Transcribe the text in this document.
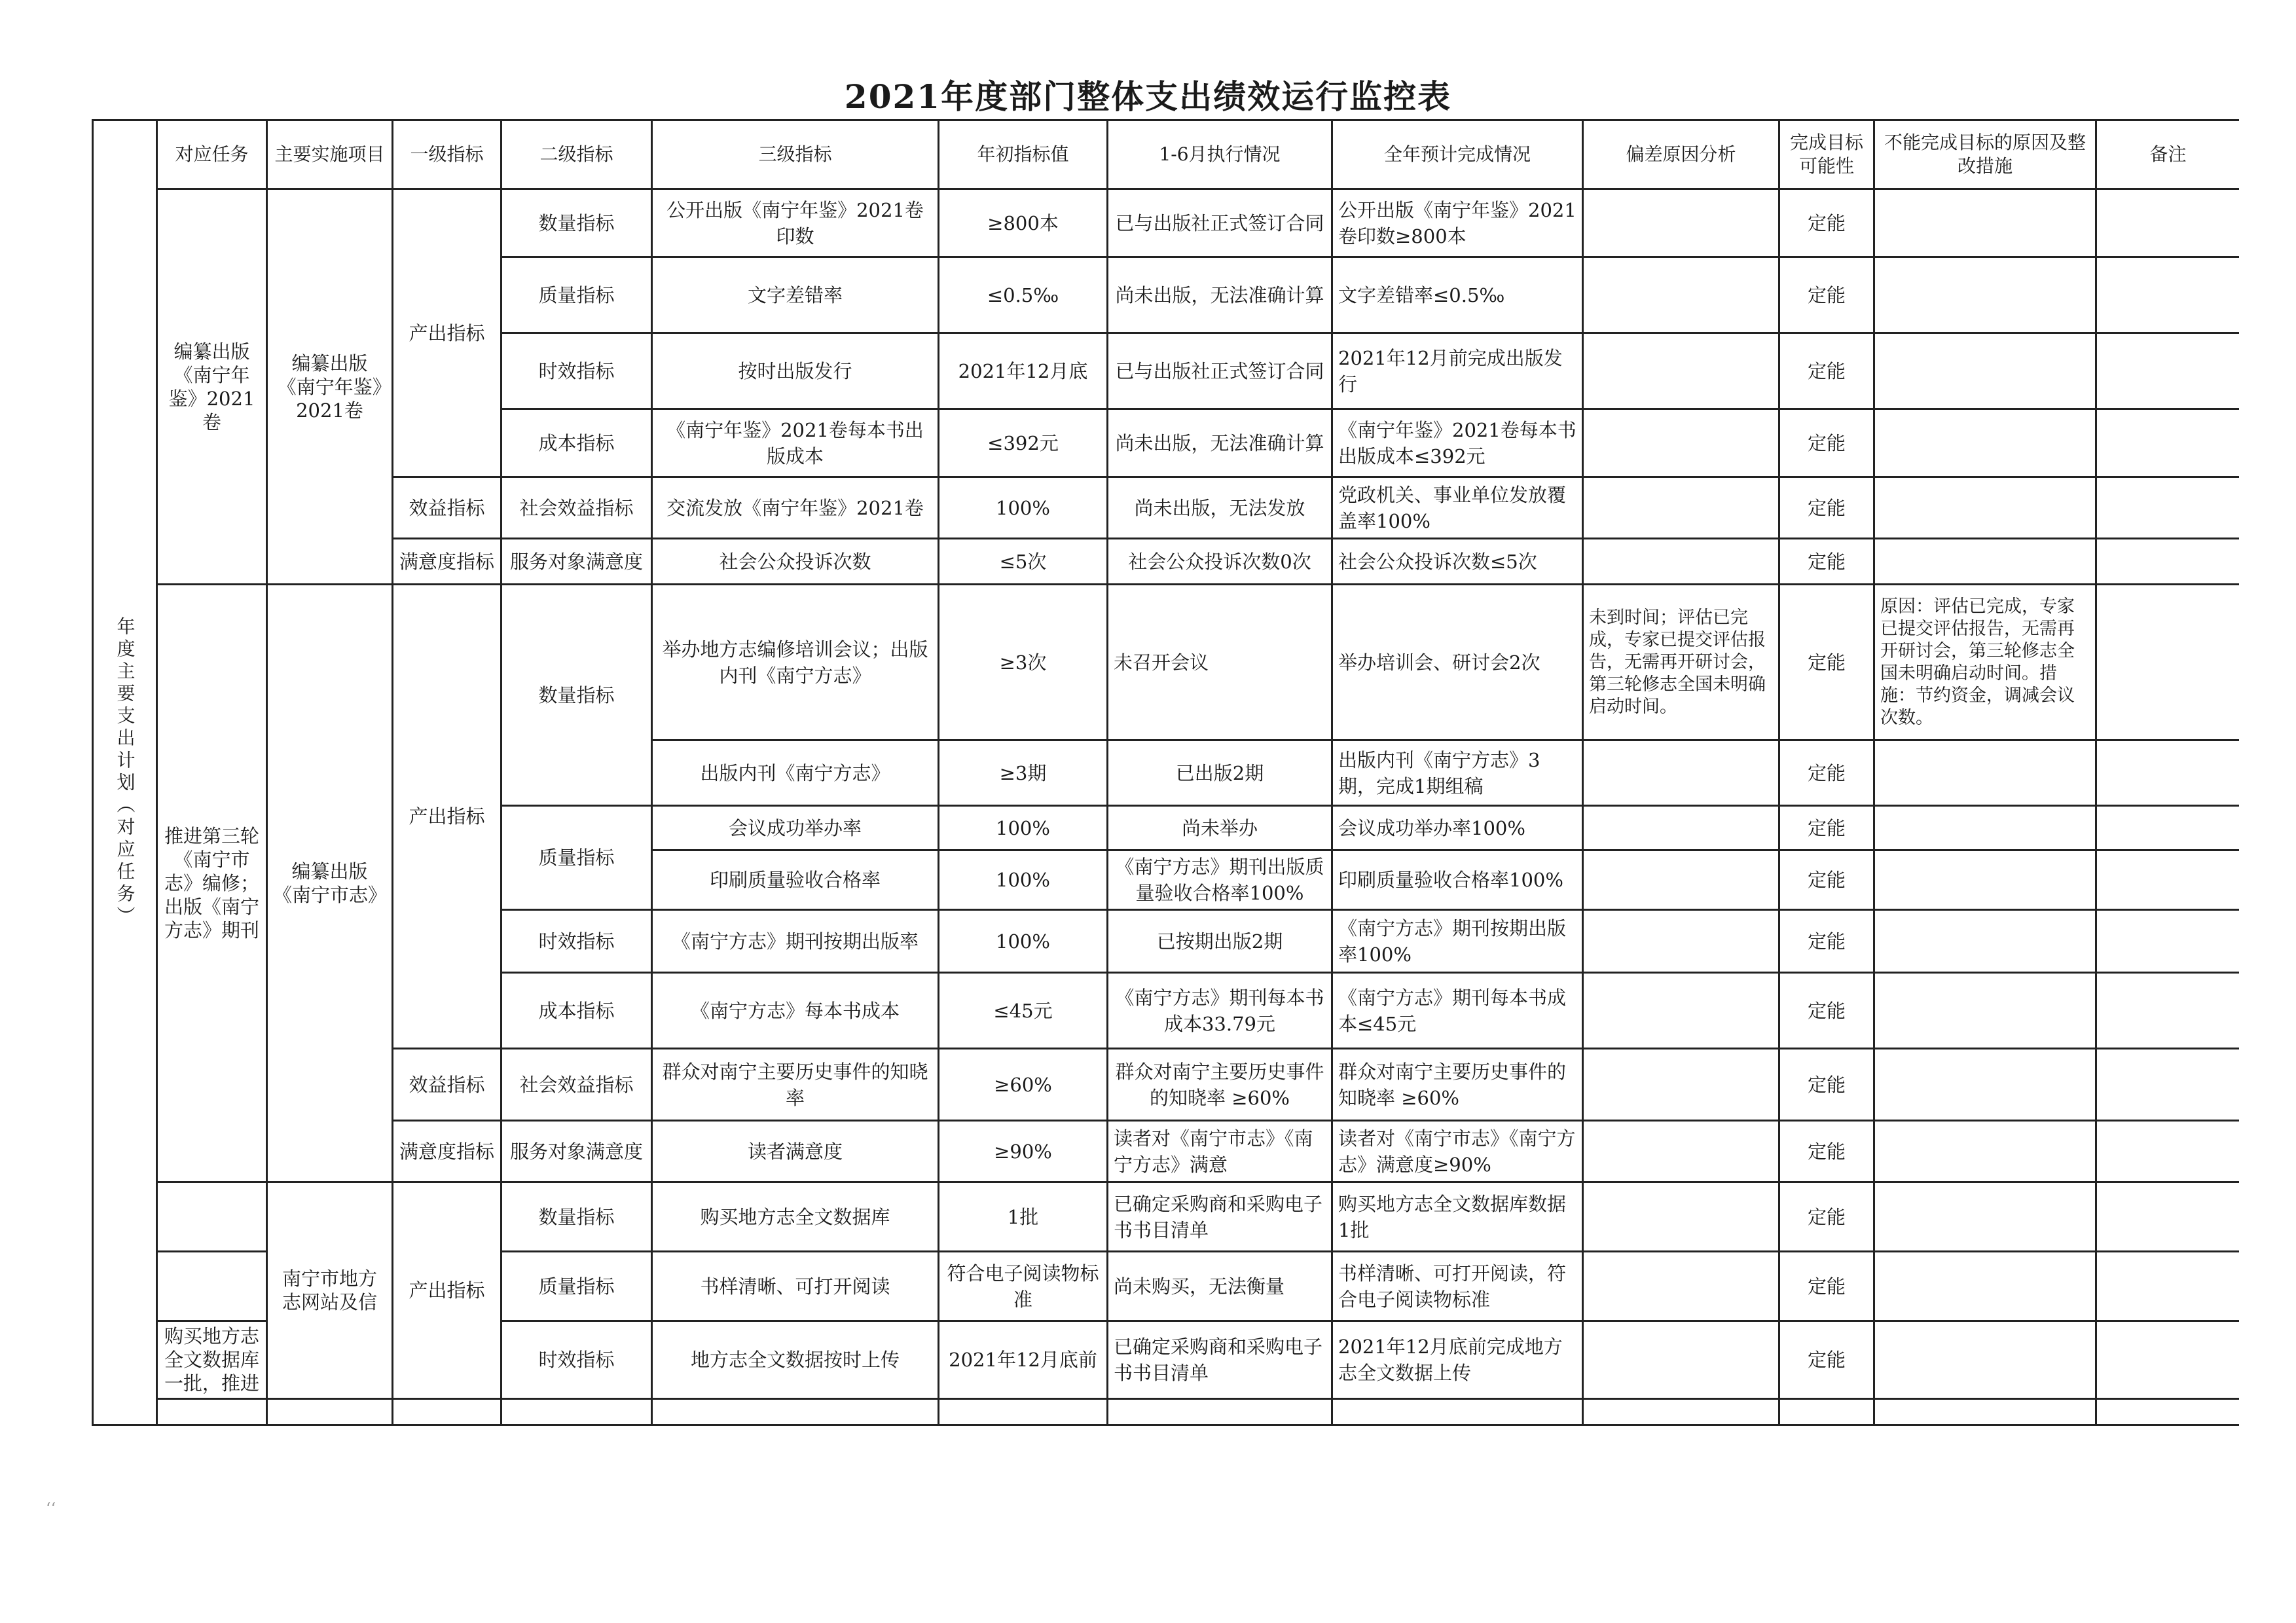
2021年度部门整体支出绩效运行监控表
年度主要支出计划（对应任务）	对应任务	主要实施项目	一级指标	二级指标	三级指标	年初指标值	1-6月执行情况	全年预计完成情况	偏差原因分析	完成目标可能性	不能完成目标的原因及整改措施	备注
	编纂出版《南宁年鉴》2021卷	编纂出版《南宁年鉴》2021卷	产出指标	数量指标	公开出版《南宁年鉴》2021卷印数	≥800本	已与出版社正式签订合同	公开出版《南宁年鉴》2021卷印数≥800本		定能		
				质量指标	文字差错率	≤0.5‰	尚未出版，无法准确计算	文字差错率≤0.5‰		定能		
				时效指标	按时出版发行	2021年12月底	已与出版社正式签订合同	2021年12月前完成出版发行		定能		
				成本指标	《南宁年鉴》2021卷每本书出版成本	≤392元	尚未出版，无法准确计算	《南宁年鉴》2021卷每本书出版成本≤392元		定能		
			效益指标	社会效益指标	交流发放《南宁年鉴》2021卷	100%	尚未出版，无法发放	党政机关、事业单位发放覆盖率100%		定能		
			满意度指标	服务对象满意度	社会公众投诉次数	≤5次	社会公众投诉次数0次	社会公众投诉次数≤5次		定能		
	推进第三轮《南宁市志》编修；出版《南宁方志》期刊	编纂出版《南宁市志》	产出指标	数量指标	举办地方志编修培训会议；出版内刊《南宁方志》	≥3次	未召开会议	举办培训会、研讨会2次	未到时间；评估已完成，专家已提交评估报告，无需再开研讨会，第三轮修志全国未明确启动时间。	定能	原因：评估已完成，专家已提交评估报告，无需再开研讨会，第三轮修志全国未明确启动时间。措施：节约资金，调减会议次数。	
					出版内刊《南宁方志》	≥3期	已出版2期	出版内刊《南宁方志》3期，完成1期组稿		定能		
				质量指标	会议成功举办率	100%	尚未举办	会议成功举办率100%		定能		
					印刷质量验收合格率	100%	《南宁方志》期刊出版质量验收合格率100%	印刷质量验收合格率100%		定能		
				时效指标	《南宁方志》期刊按期出版率	100%	已按期出版2期	《南宁方志》期刊按期出版率100%		定能		
				成本指标	《南宁方志》每本书成本	≤45元	《南宁方志》期刊每本书成本33.79元	《南宁方志》期刊每本书成本≤45元		定能		
			效益指标	社会效益指标	群众对南宁主要历史事件的知晓率	≥60%	群众对南宁主要历史事件的知晓率 ≥60%	群众对南宁主要历史事件的知晓率 ≥60%		定能		
			满意度指标	服务对象满意度	读者满意度	≥90%	读者对《南宁市志》《南宁方志》满意	读者对《南宁市志》《南宁方志》满意度≥90%		定能		
		南宁市地方志网站及信	产出指标	数量指标	购买地方志全文数据库	1批	已确定采购商和采购电子书书目清单	购买地方志全文数据库数据1批		定能		
				质量指标	书样清晰、可打开阅读	符合电子阅读物标准	尚未购买，无法衡量	书样清晰、可打开阅读，符合电子阅读物标准		定能		
	购买地方志全文数据库一批，推进			时效指标	地方志全文数据按时上传	2021年12月底前	已确定采购商和采购电子书书目清单	2021年12月底前完成地方志全文数据上传		定能		

‘‘
